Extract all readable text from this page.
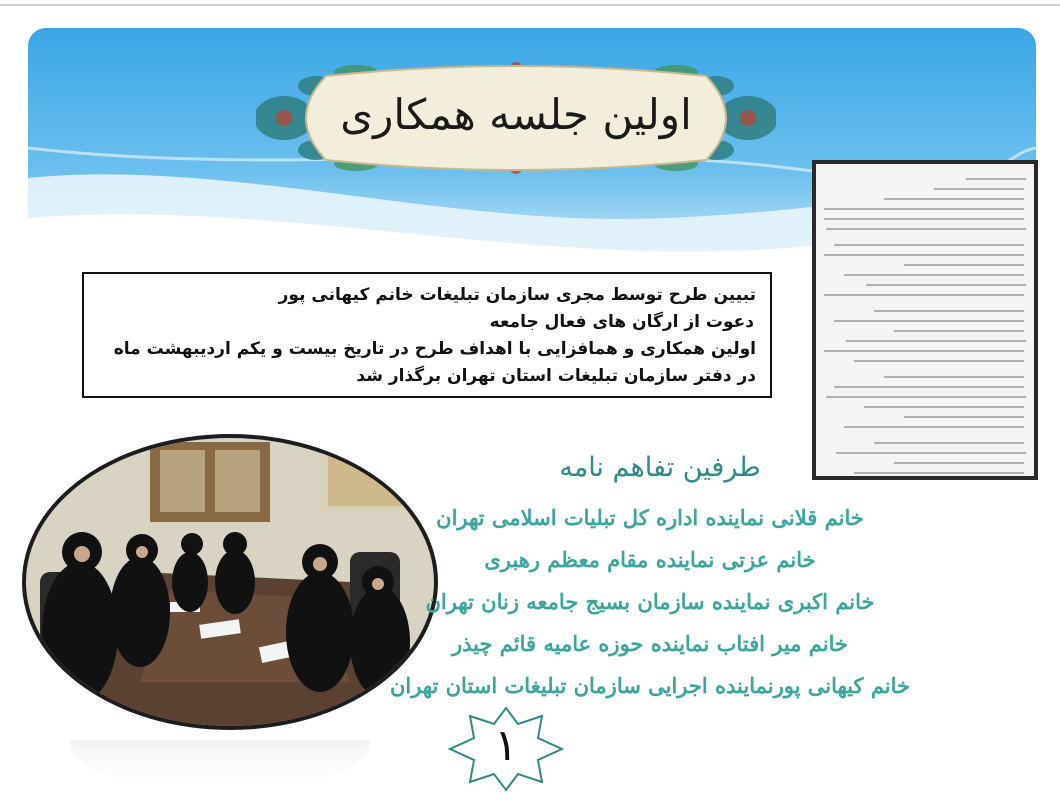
اولین جلسه همکاری

تبیین طرح توسط مجری سازمان تبلیغات خانم کیهانی پور

دعوت از ارگان های فعال جامعه

اولین همکاری و همافزایی با اهداف طرح در تاریخ بیست و یکم اردیبهشت ماه

در دفتر سازمان تبلیغات استان تهران برگذار شد

طرفین تفاهم نامه
خانم قلانی نماینده اداره کل تبلیات اسلامی تهران
خانم عزتی نماینده مقام معظم رهبری
خانم اکبری نماینده سازمان بسیج جامعه زنان تهران
خانم میر افتاب نماینده حوزه عامیه قائم چیذر
خانم کیهانی پورنماینده اجرایی سازمان تبلیغات استان تهران
۱
